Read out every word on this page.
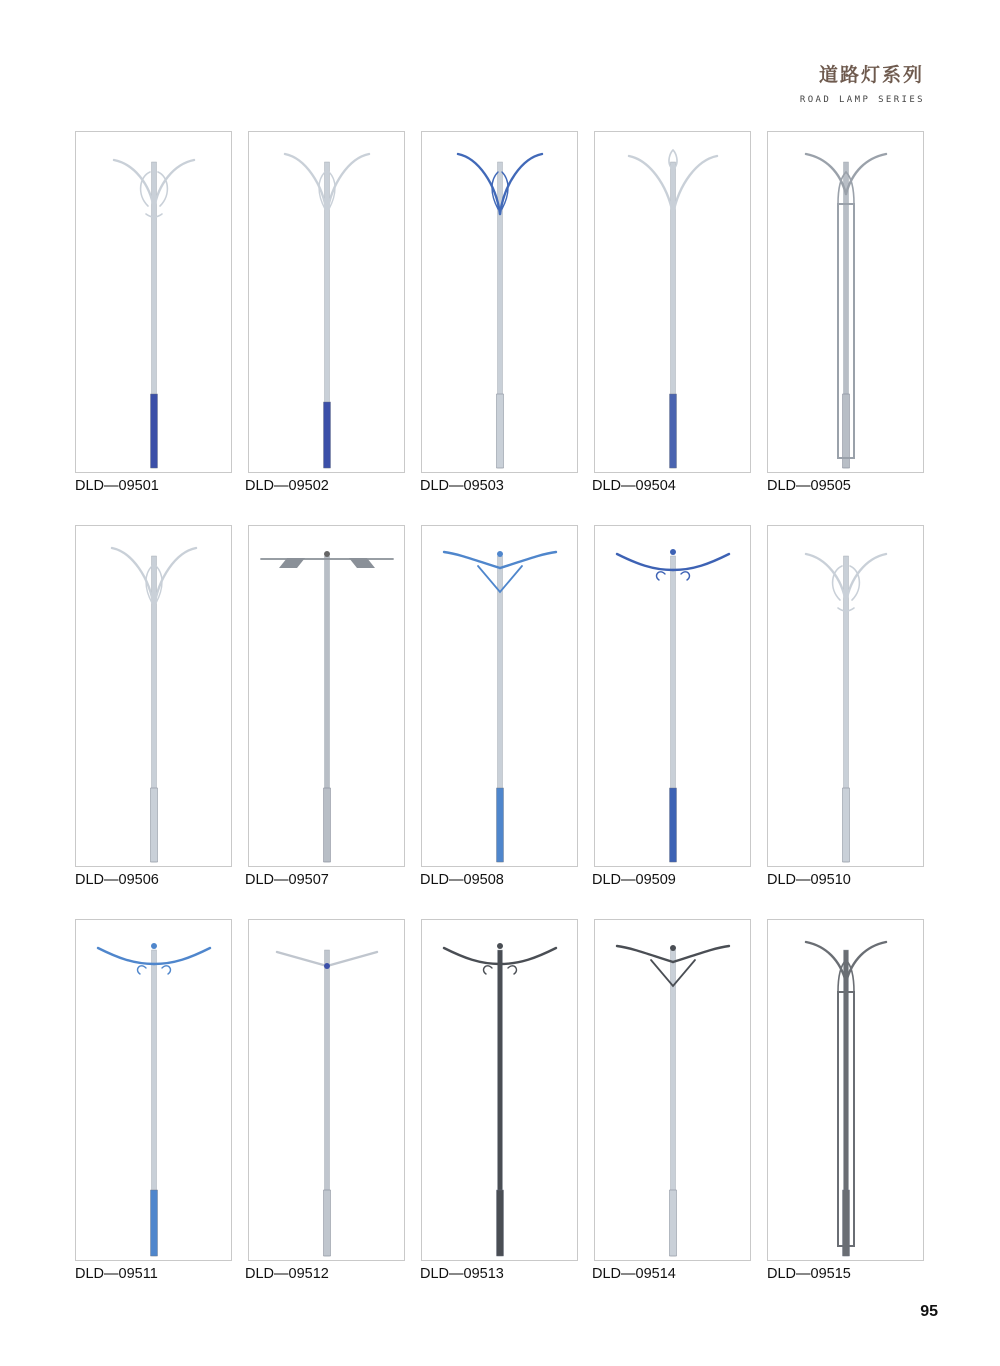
道路灯系列
ROAD LAMP SERIES
DLD—09501	DLD—09502	DLD—09503	DLD—09504	DLD—09505
DLD—09506	DLD—09507	DLD—09508	DLD—09509	DLD—09510
DLD—09511	DLD—09512	DLD—09513	DLD—09514	DLD—09515
95
